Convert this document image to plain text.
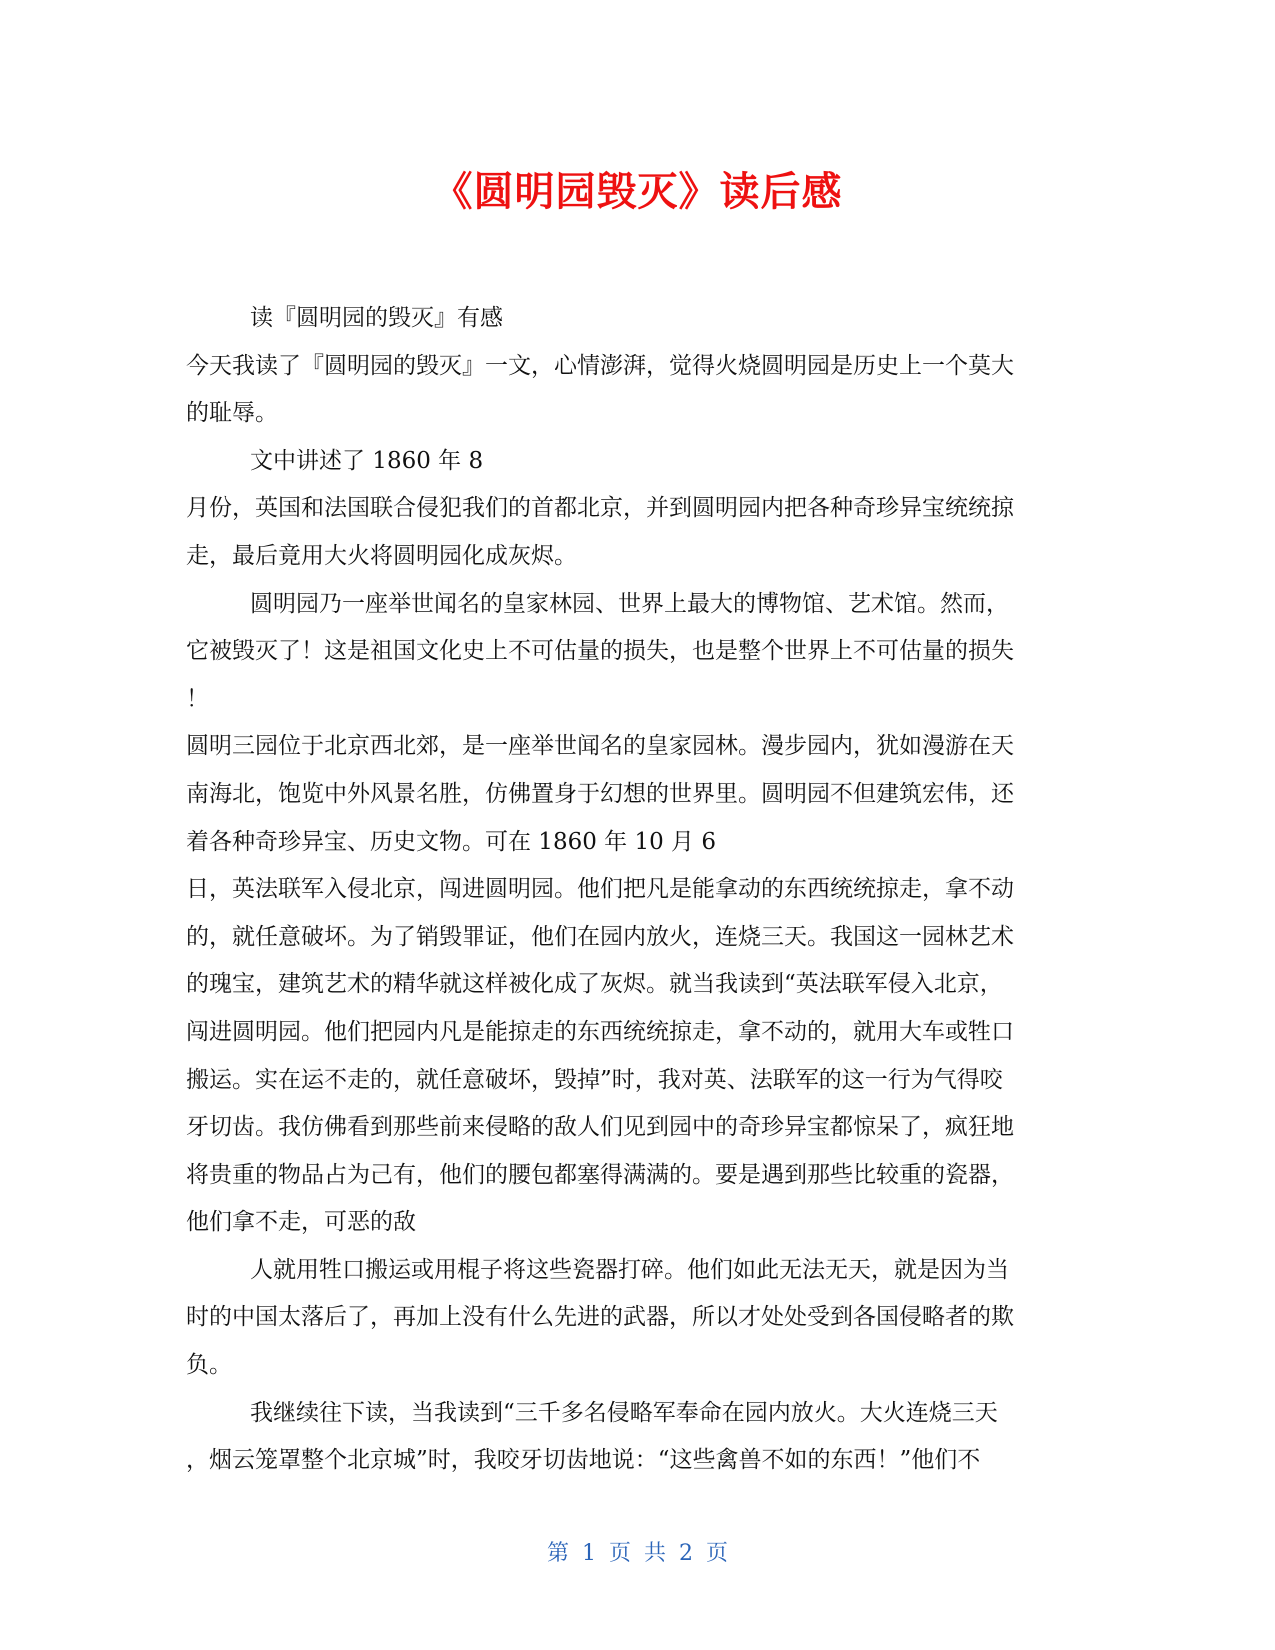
《圆明园毁灭》读后感
读『圆明园的毁灭』有感
今天我读了『圆明园的毁灭』一文，心情澎湃，觉得火烧圆明园是历史上一个莫大
的耻辱。
文中讲述了 1860 年 8
月份，英国和法国联合侵犯我们的首都北京，并到圆明园内把各种奇珍异宝统统掠
走，最后竟用大火将圆明园化成灰烬。
圆明园乃一座举世闻名的皇家林园、世界上最大的博物馆、艺术馆。然而，
它被毁灭了！这是祖国文化史上不可估量的损失，也是整个世界上不可估量的损失
！
圆明三园位于北京西北郊，是一座举世闻名的皇家园林。漫步园内，犹如漫游在天
南海北，饱览中外风景名胜，仿佛置身于幻想的世界里。圆明园不但建筑宏伟，还
着各种奇珍异宝、历史文物。可在 1860 年 10 月 6
日，英法联军入侵北京，闯进圆明园。他们把凡是能拿动的东西统统掠走，拿不动
的，就任意破坏。为了销毁罪证，他们在园内放火，连烧三天。我国这一园林艺术
的瑰宝，建筑艺术的精华就这样被化成了灰烬。就当我读到“英法联军侵入北京，
闯进圆明园。他们把园内凡是能掠走的东西统统掠走，拿不动的，就用大车或牲口
搬运。实在运不走的，就任意破坏，毁掉”时，我对英、法联军的这一行为气得咬
牙切齿。我仿佛看到那些前来侵略的敌人们见到园中的奇珍异宝都惊呆了，疯狂地
将贵重的物品占为己有，他们的腰包都塞得满满的。要是遇到那些比较重的瓷器，
他们拿不走，可恶的敌
人就用牲口搬运或用棍子将这些瓷器打碎。他们如此无法无天，就是因为当
时的中国太落后了，再加上没有什么先进的武器，所以才处处受到各国侵略者的欺
负。
我继续往下读，当我读到“三千多名侵略军奉命在园内放火。大火连烧三天
，烟云笼罩整个北京城”时，我咬牙切齿地说：“这些禽兽不如的东西！”他们不
第 1 页 共 2 页
